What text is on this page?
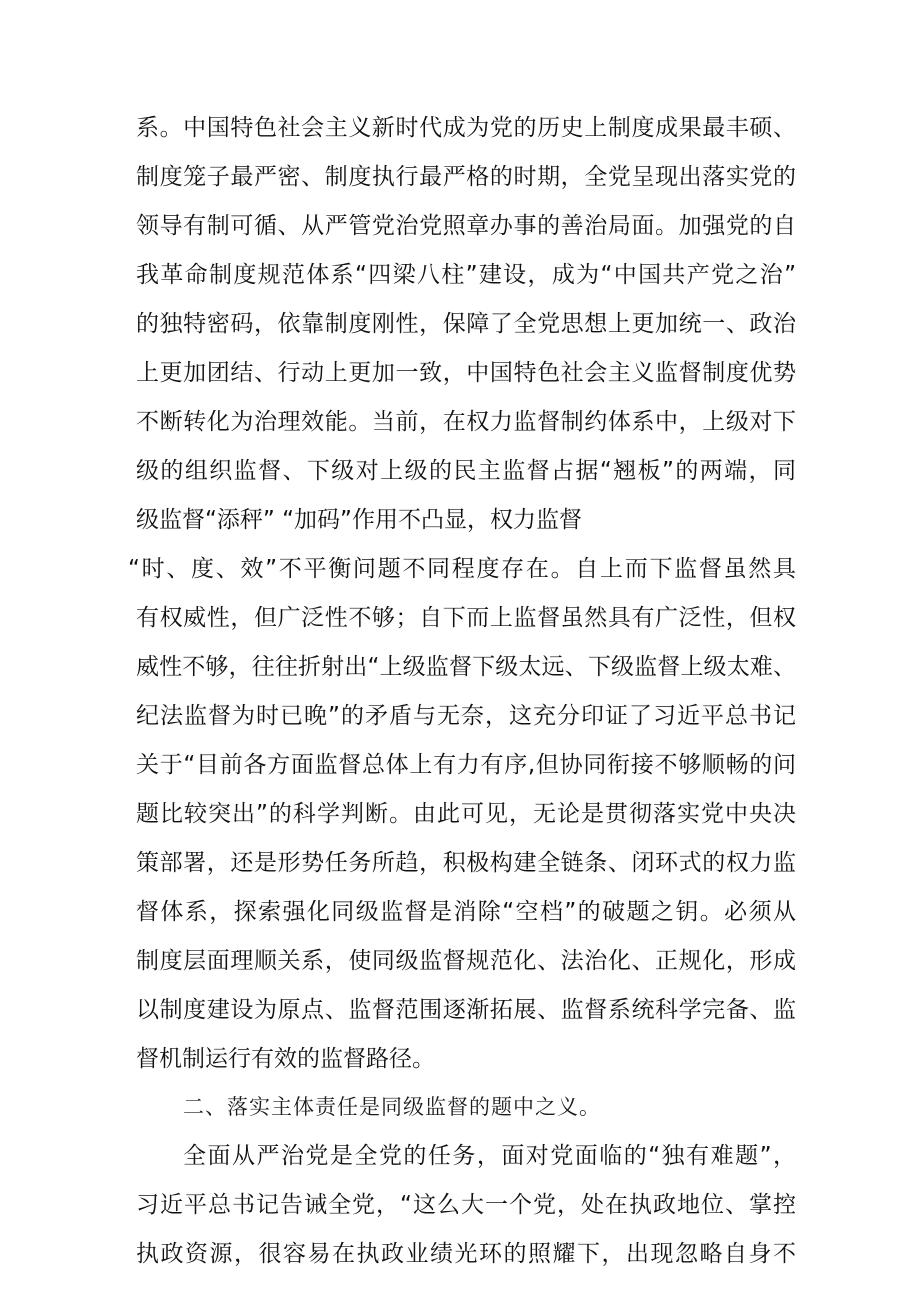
系。中国特色社会主义新时代成为党的历史上制度成果最丰硕、
制度笼子最严密、制度执行最严格的时期，全党呈现出落实党的
领导有制可循、从严管党治党照章办事的善治局面。加强党的自
我革命制度规范体系“四梁八柱”建设，成为“中国共产党之治”
的独特密码，依靠制度刚性，保障了全党思想上更加统一、政治
上更加团结、行动上更加一致，中国特色社会主义监督制度优势
不断转化为治理效能。当前，在权力监督制约体系中，上级对下
级的组织监督、下级对上级的民主监督占据“翘板”的两端，同
级监督“添秤” “加码”作用不凸显，权力监督
“时、度、效”不平衡问题不同程度存在。自上而下监督虽然具
有权威性，但广泛性不够；自下而上监督虽然具有广泛性，但权
威性不够，往往折射出“上级监督下级太远、下级监督上级太难、
纪法监督为时已晚”的矛盾与无奈，这充分印证了习近平总书记
关于“目前各方面监督总体上有力有序,但协同衔接不够顺畅的问
题比较突出”的科学判断。由此可见，无论是贯彻落实党中央决
策部署，还是形势任务所趋，积极构建全链条、闭环式的权力监
督体系，探索强化同级监督是消除“空档”的破题之钥。必须从
制度层面理顺关系，使同级监督规范化、法治化、正规化，形成
以制度建设为原点、监督范围逐渐拓展、监督系统科学完备、监
督机制运行有效的监督路径。
二、落实主体责任是同级监督的题中之义。
全面从严治党是全党的任务，面对党面临的“独有难题”，
习近平总书记告诫全党，“这么大一个党，处在执政地位、掌控
执政资源，很容易在执政业绩光环的照耀下，出现忽略自身不
